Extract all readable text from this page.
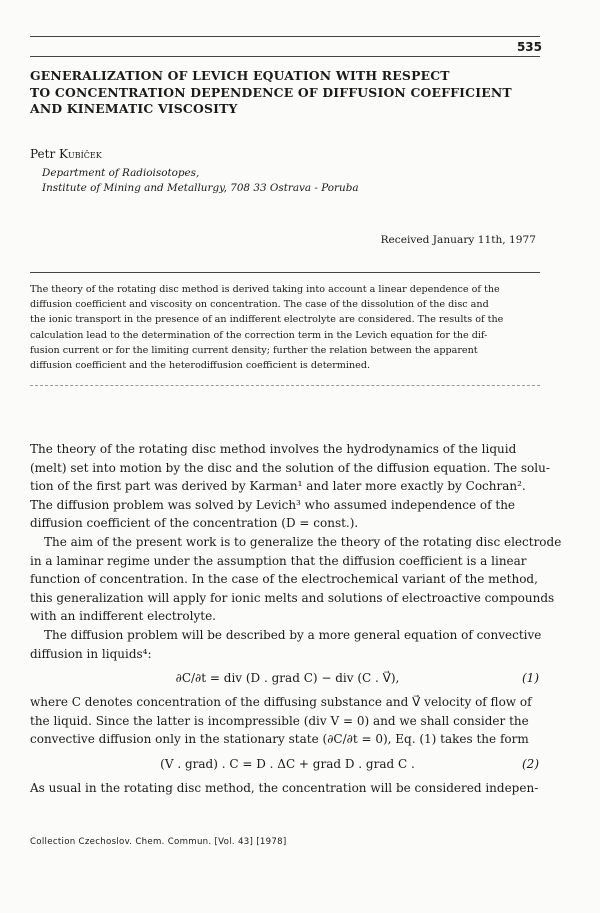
535
GENERALIZATION OF LEVICH EQUATION WITH RESPECT
TO CONCENTRATION DEPENDENCE OF DIFFUSION COEFFICIENT
AND KINEMATIC VISCOSITY
Petr Kubíček
Department of Radioisotopes,
Institute of Mining and Metallurgy, 708 33 Ostrava - Poruba
Received January 11th, 1977
The theory of the rotating disc method is derived taking into account a linear dependence of the
diffusion coefficient and viscosity on concentration. The case of the dissolution of the disc and
the ionic transport in the presence of an indifferent electrolyte are considered. The results of the
calculation lead to the determination of the correction term in the Levich equation for the dif-
fusion current or for the limiting current density; further the relation between the apparent
diffusion coefficient and the heterodiffusion coefficient is determined.
The theory of the rotating disc method involves the hydrodynamics of the liquid
(melt) set into motion by the disc and the solution of the diffusion equation. The solu-
tion of the first part was derived by Karman¹ and later more exactly by Cochran².
The diffusion problem was solved by Levich³ who assumed independence of the
diffusion coefficient of the concentration (D = const.).
The aim of the present work is to generalize the theory of the rotating disc electrode
in a laminar regime under the assumption that the diffusion coefficient is a linear
function of concentration. In the case of the electrochemical variant of the method,
this generalization will apply for ionic melts and solutions of electroactive compounds
with an indifferent electrolyte.
The diffusion problem will be described by a more general equation of convective
diffusion in liquids⁴:
∂C/∂t = div (D . grad C) − div (C . V⃗),	(1)
where C denotes concentration of the diffusing substance and V⃗ velocity of flow of
the liquid. Since the latter is incompressible (div V = 0) and we shall consider the
convective diffusion only in the stationary state (∂C/∂t = 0), Eq. (1) takes the form
(V . grad) . C = D . ΔC + grad D . grad C .	(2)
As usual in the rotating disc method, the concentration will be considered indepen-
Collection Czechoslov. Chem. Commun. [Vol. 43] [1978]
